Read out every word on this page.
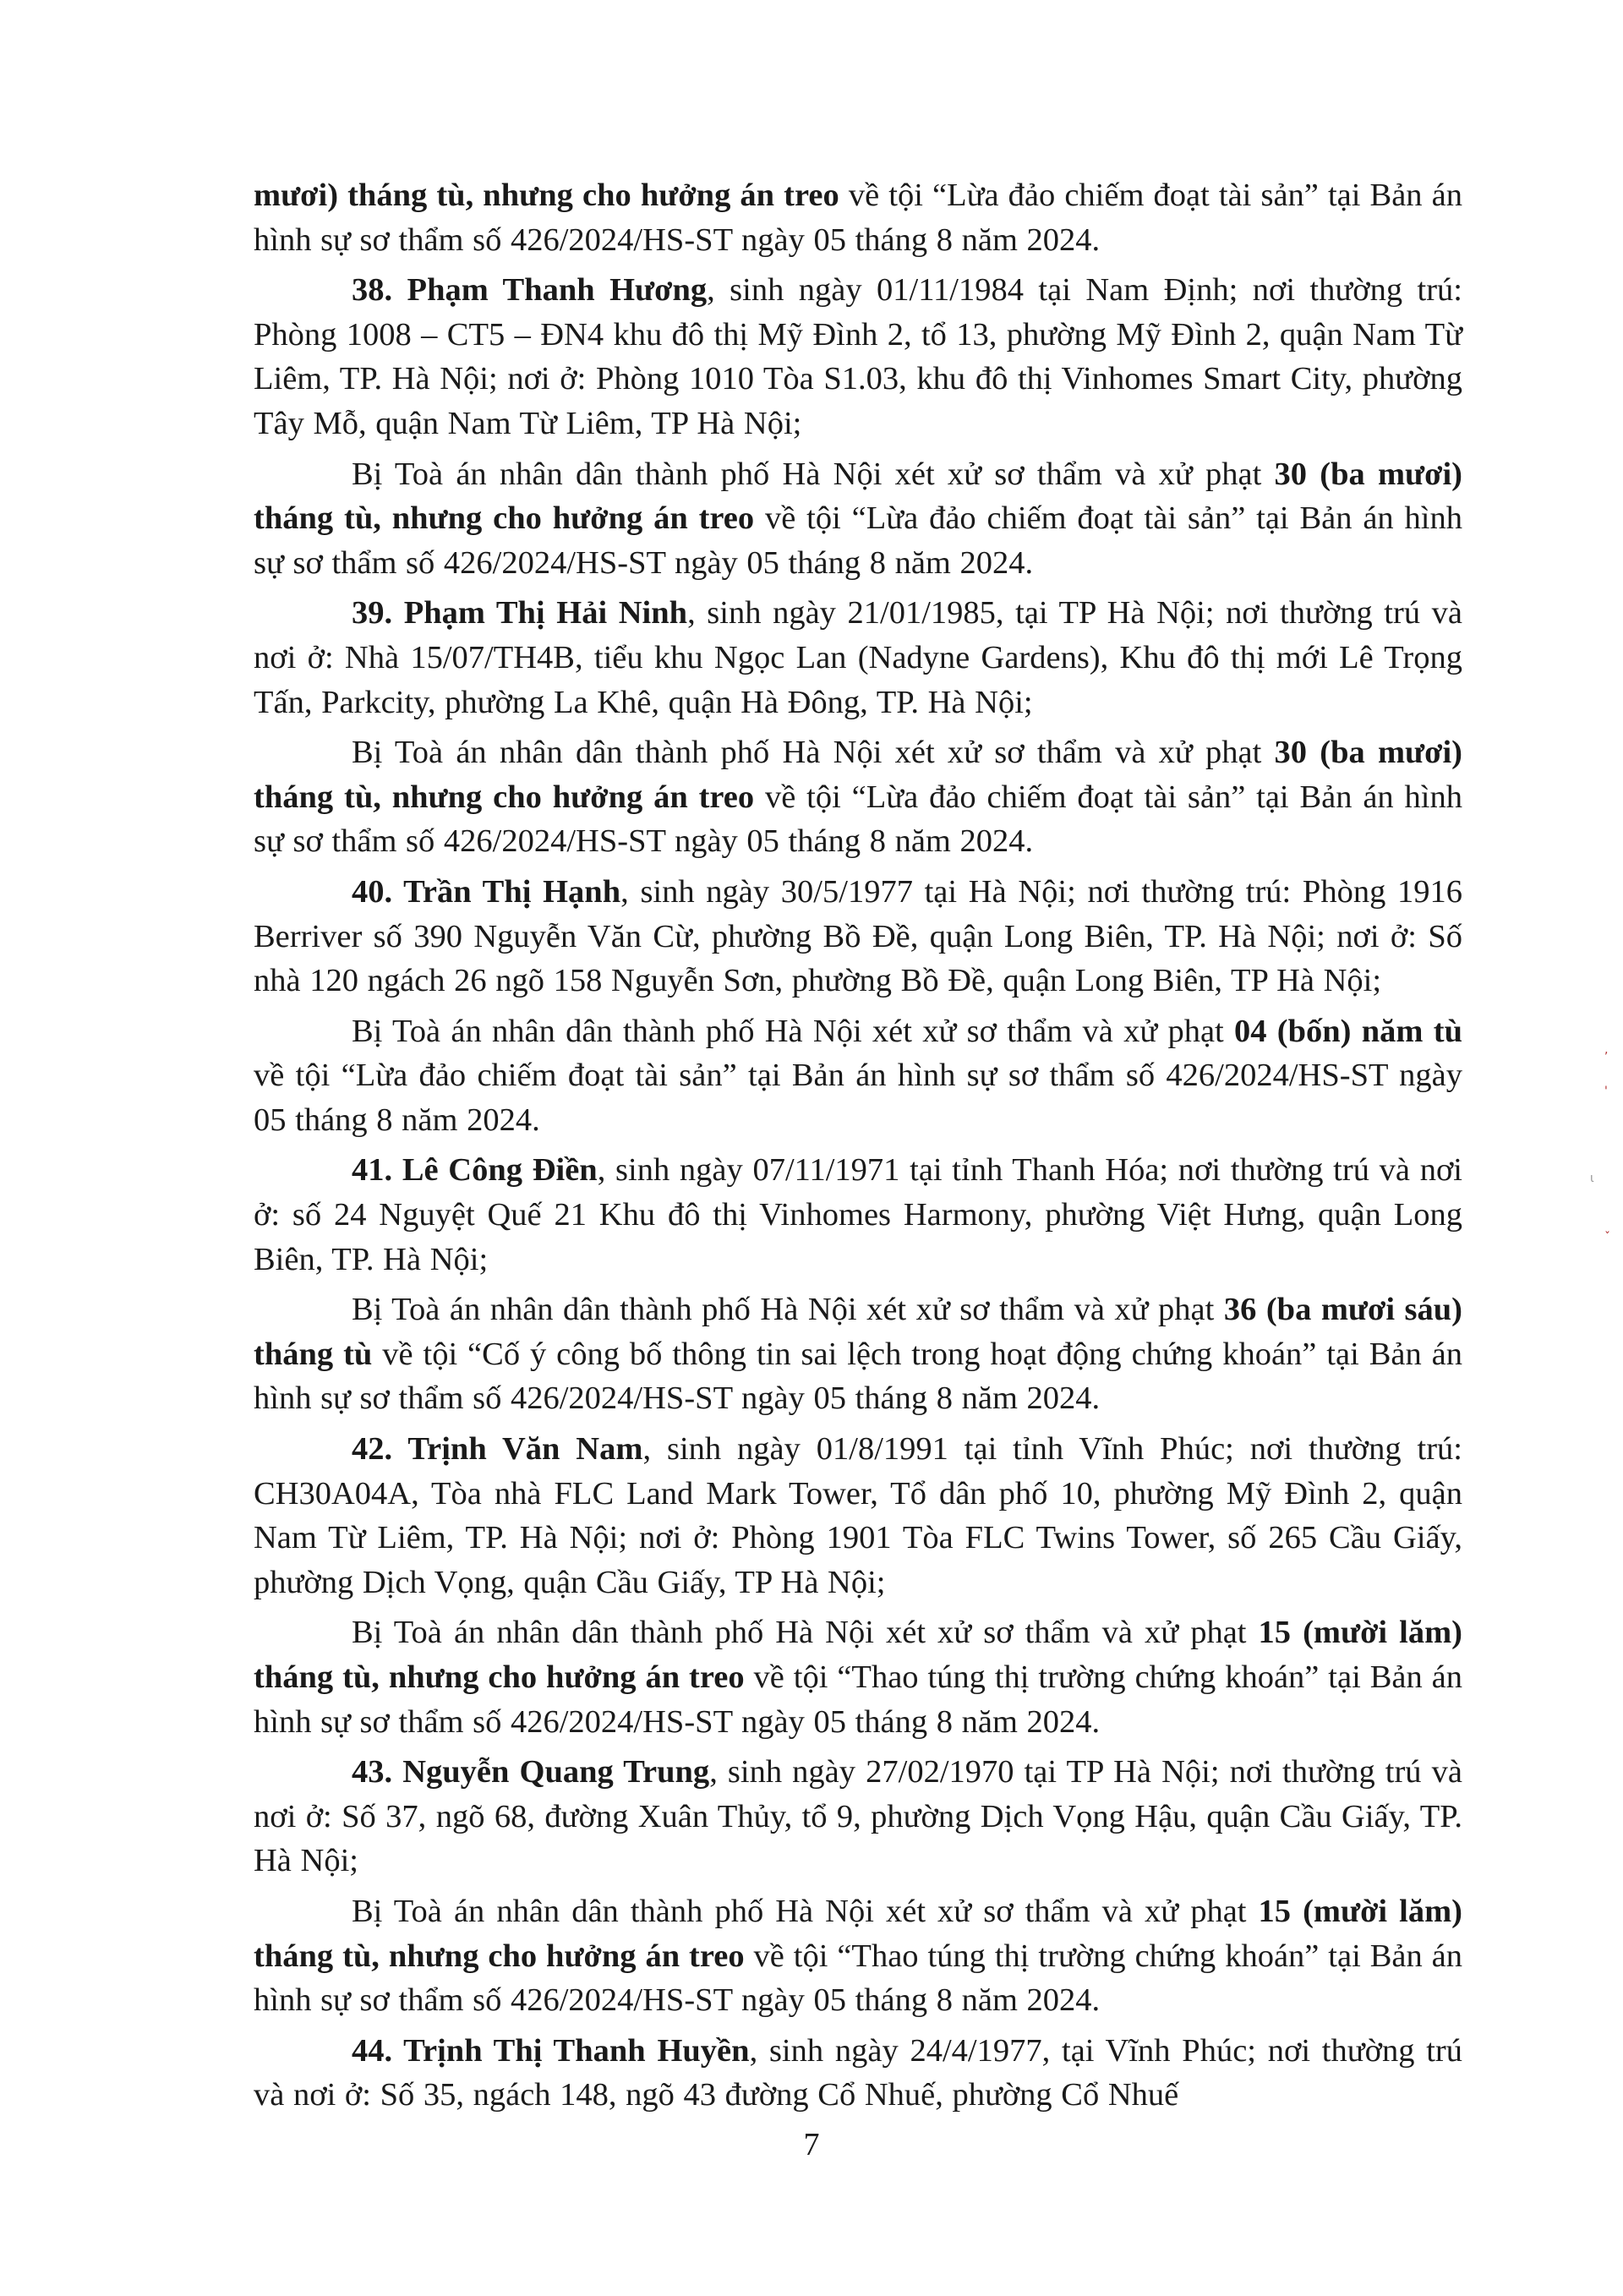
mươi) tháng tù, nhưng cho hưởng án treo về tội “Lừa đảo chiếm đoạt tài sản” tại Bản án hình sự sơ thẩm số 426/2024/HS-ST ngày 05 tháng 8 năm 2024.

38. Phạm Thanh Hương, sinh ngày 01/11/1984 tại Nam Định; nơi thường trú: Phòng 1008 – CT5 – ĐN4 khu đô thị Mỹ Đình 2, tổ 13, phường Mỹ Đình 2, quận Nam Từ Liêm, TP. Hà Nội; nơi ở: Phòng 1010 Tòa S1.03, khu đô thị Vinhomes Smart City, phường Tây Mỗ, quận Nam Từ Liêm, TP Hà Nội;

Bị Toà án nhân dân thành phố Hà Nội xét xử sơ thẩm và xử phạt 30 (ba mươi) tháng tù, nhưng cho hưởng án treo về tội “Lừa đảo chiếm đoạt tài sản” tại Bản án hình sự sơ thẩm số 426/2024/HS-ST ngày 05 tháng 8 năm 2024.

39. Phạm Thị Hải Ninh, sinh ngày 21/01/1985, tại TP Hà Nội; nơi thường trú và nơi ở: Nhà 15/07/TH4B, tiểu khu Ngọc Lan (Nadyne Gardens), Khu đô thị mới Lê Trọng Tấn, Parkcity, phường La Khê, quận Hà Đông, TP. Hà Nội;

Bị Toà án nhân dân thành phố Hà Nội xét xử sơ thẩm và xử phạt 30 (ba mươi) tháng tù, nhưng cho hưởng án treo về tội “Lừa đảo chiếm đoạt tài sản” tại Bản án hình sự sơ thẩm số 426/2024/HS-ST ngày 05 tháng 8 năm 2024.

40. Trần Thị Hạnh, sinh ngày 30/5/1977 tại Hà Nội; nơi thường trú: Phòng 1916 Berriver số 390 Nguyễn Văn Cừ, phường Bồ Đề, quận Long Biên, TP. Hà Nội; nơi ở: Số nhà 120 ngách 26 ngõ 158 Nguyễn Sơn, phường Bồ Đề, quận Long Biên, TP Hà Nội;

Bị Toà án nhân dân thành phố Hà Nội xét xử sơ thẩm và xử phạt 04 (bốn) năm tù về tội “Lừa đảo chiếm đoạt tài sản” tại Bản án hình sự sơ thẩm số 426/2024/HS-ST ngày 05 tháng 8 năm 2024.

41. Lê Công Điền, sinh ngày 07/11/1971 tại tỉnh Thanh Hóa; nơi thường trú và nơi ở: số 24 Nguyệt Quế 21 Khu đô thị Vinhomes Harmony, phường Việt Hưng, quận Long Biên, TP. Hà Nội;

Bị Toà án nhân dân thành phố Hà Nội xét xử sơ thẩm và xử phạt 36 (ba mươi sáu) tháng tù về tội “Cố ý công bố thông tin sai lệch trong hoạt động chứng khoán” tại Bản án hình sự sơ thẩm số 426/2024/HS-ST ngày 05 tháng 8 năm 2024.

42. Trịnh Văn Nam, sinh ngày 01/8/1991 tại tỉnh Vĩnh Phúc; nơi thường trú: CH30A04A, Tòa nhà FLC Land Mark Tower, Tổ dân phố 10, phường Mỹ Đình 2, quận Nam Từ Liêm, TP. Hà Nội; nơi ở: Phòng 1901 Tòa FLC Twins Tower, số 265 Cầu Giấy, phường Dịch Vọng, quận Cầu Giấy, TP Hà Nội;

Bị Toà án nhân dân thành phố Hà Nội xét xử sơ thẩm và xử phạt 15 (mười lăm) tháng tù, nhưng cho hưởng án treo về tội “Thao túng thị trường chứng khoán” tại Bản án hình sự sơ thẩm số 426/2024/HS-ST ngày 05 tháng 8 năm 2024.

43. Nguyễn Quang Trung, sinh ngày 27/02/1970 tại TP Hà Nội; nơi thường trú và nơi ở: Số 37, ngõ 68, đường Xuân Thủy, tổ 9, phường Dịch Vọng Hậu, quận Cầu Giấy, TP. Hà Nội;

Bị Toà án nhân dân thành phố Hà Nội xét xử sơ thẩm và xử phạt 15 (mười lăm) tháng tù, nhưng cho hưởng án treo về tội “Thao túng thị trường chứng khoán” tại Bản án hình sự sơ thẩm số 426/2024/HS-ST ngày 05 tháng 8 năm 2024.

44. Trịnh Thị Thanh Huyền, sinh ngày 24/4/1977, tại Vĩnh Phúc; nơi thường trú và nơi ở: Số 35, ngách 148, ngõ 43 đường Cổ Nhuế, phường Cổ Nhuế

7
,
'
ɩ
ˇ
